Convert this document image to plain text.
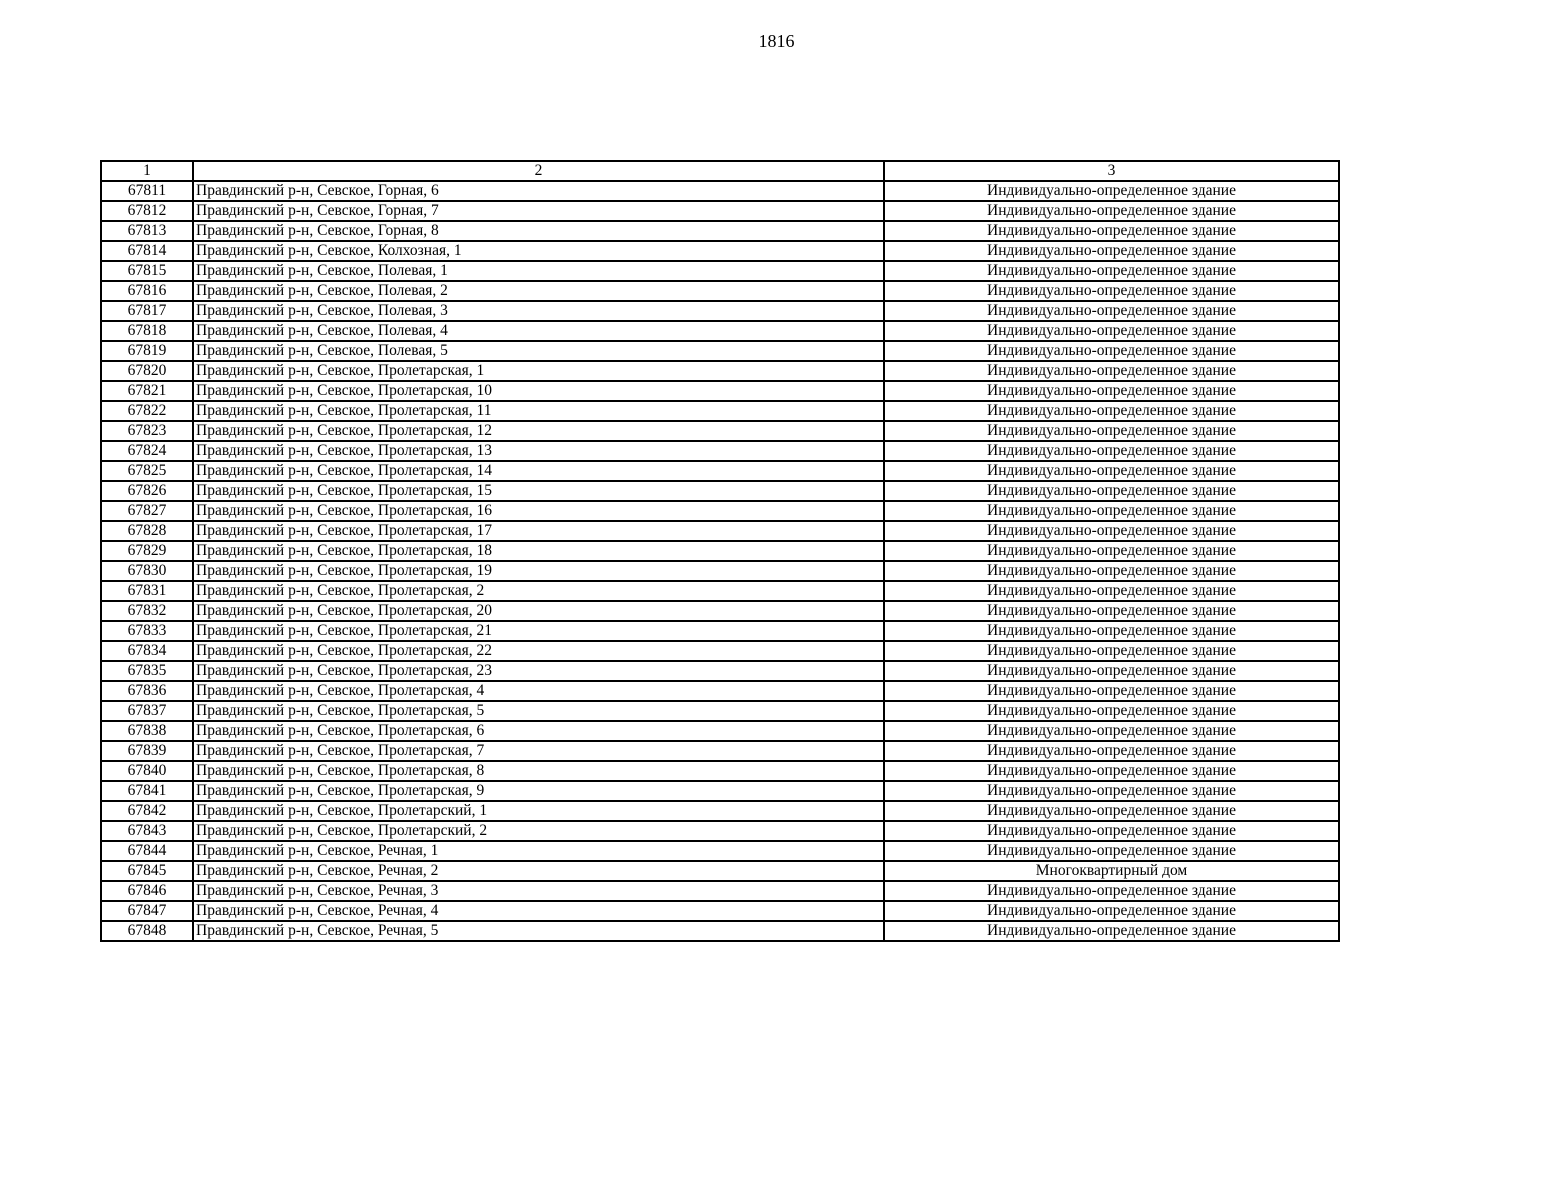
1816
1	2	3
67811	Правдинский р-н, Севское, Горная, 6	Индивидуально-определенное здание
67812	Правдинский р-н, Севское, Горная, 7	Индивидуально-определенное здание
67813	Правдинский р-н, Севское, Горная, 8	Индивидуально-определенное здание
67814	Правдинский р-н, Севское, Колхозная, 1	Индивидуально-определенное здание
67815	Правдинский р-н, Севское, Полевая, 1	Индивидуально-определенное здание
67816	Правдинский р-н, Севское, Полевая, 2	Индивидуально-определенное здание
67817	Правдинский р-н, Севское, Полевая, 3	Индивидуально-определенное здание
67818	Правдинский р-н, Севское, Полевая, 4	Индивидуально-определенное здание
67819	Правдинский р-н, Севское, Полевая, 5	Индивидуально-определенное здание
67820	Правдинский р-н, Севское, Пролетарская, 1	Индивидуально-определенное здание
67821	Правдинский р-н, Севское, Пролетарская, 10	Индивидуально-определенное здание
67822	Правдинский р-н, Севское, Пролетарская, 11	Индивидуально-определенное здание
67823	Правдинский р-н, Севское, Пролетарская, 12	Индивидуально-определенное здание
67824	Правдинский р-н, Севское, Пролетарская, 13	Индивидуально-определенное здание
67825	Правдинский р-н, Севское, Пролетарская, 14	Индивидуально-определенное здание
67826	Правдинский р-н, Севское, Пролетарская, 15	Индивидуально-определенное здание
67827	Правдинский р-н, Севское, Пролетарская, 16	Индивидуально-определенное здание
67828	Правдинский р-н, Севское, Пролетарская, 17	Индивидуально-определенное здание
67829	Правдинский р-н, Севское, Пролетарская, 18	Индивидуально-определенное здание
67830	Правдинский р-н, Севское, Пролетарская, 19	Индивидуально-определенное здание
67831	Правдинский р-н, Севское, Пролетарская, 2	Индивидуально-определенное здание
67832	Правдинский р-н, Севское, Пролетарская, 20	Индивидуально-определенное здание
67833	Правдинский р-н, Севское, Пролетарская, 21	Индивидуально-определенное здание
67834	Правдинский р-н, Севское, Пролетарская, 22	Индивидуально-определенное здание
67835	Правдинский р-н, Севское, Пролетарская, 23	Индивидуально-определенное здание
67836	Правдинский р-н, Севское, Пролетарская, 4	Индивидуально-определенное здание
67837	Правдинский р-н, Севское, Пролетарская, 5	Индивидуально-определенное здание
67838	Правдинский р-н, Севское, Пролетарская, 6	Индивидуально-определенное здание
67839	Правдинский р-н, Севское, Пролетарская, 7	Индивидуально-определенное здание
67840	Правдинский р-н, Севское, Пролетарская, 8	Индивидуально-определенное здание
67841	Правдинский р-н, Севское, Пролетарская, 9	Индивидуально-определенное здание
67842	Правдинский р-н, Севское, Пролетарский, 1	Индивидуально-определенное здание
67843	Правдинский р-н, Севское, Пролетарский, 2	Индивидуально-определенное здание
67844	Правдинский р-н, Севское, Речная, 1	Индивидуально-определенное здание
67845	Правдинский р-н, Севское, Речная, 2	Многоквартирный дом
67846	Правдинский р-н, Севское, Речная, 3	Индивидуально-определенное здание
67847	Правдинский р-н, Севское, Речная, 4	Индивидуально-определенное здание
67848	Правдинский р-н, Севское, Речная, 5	Индивидуально-определенное здание
